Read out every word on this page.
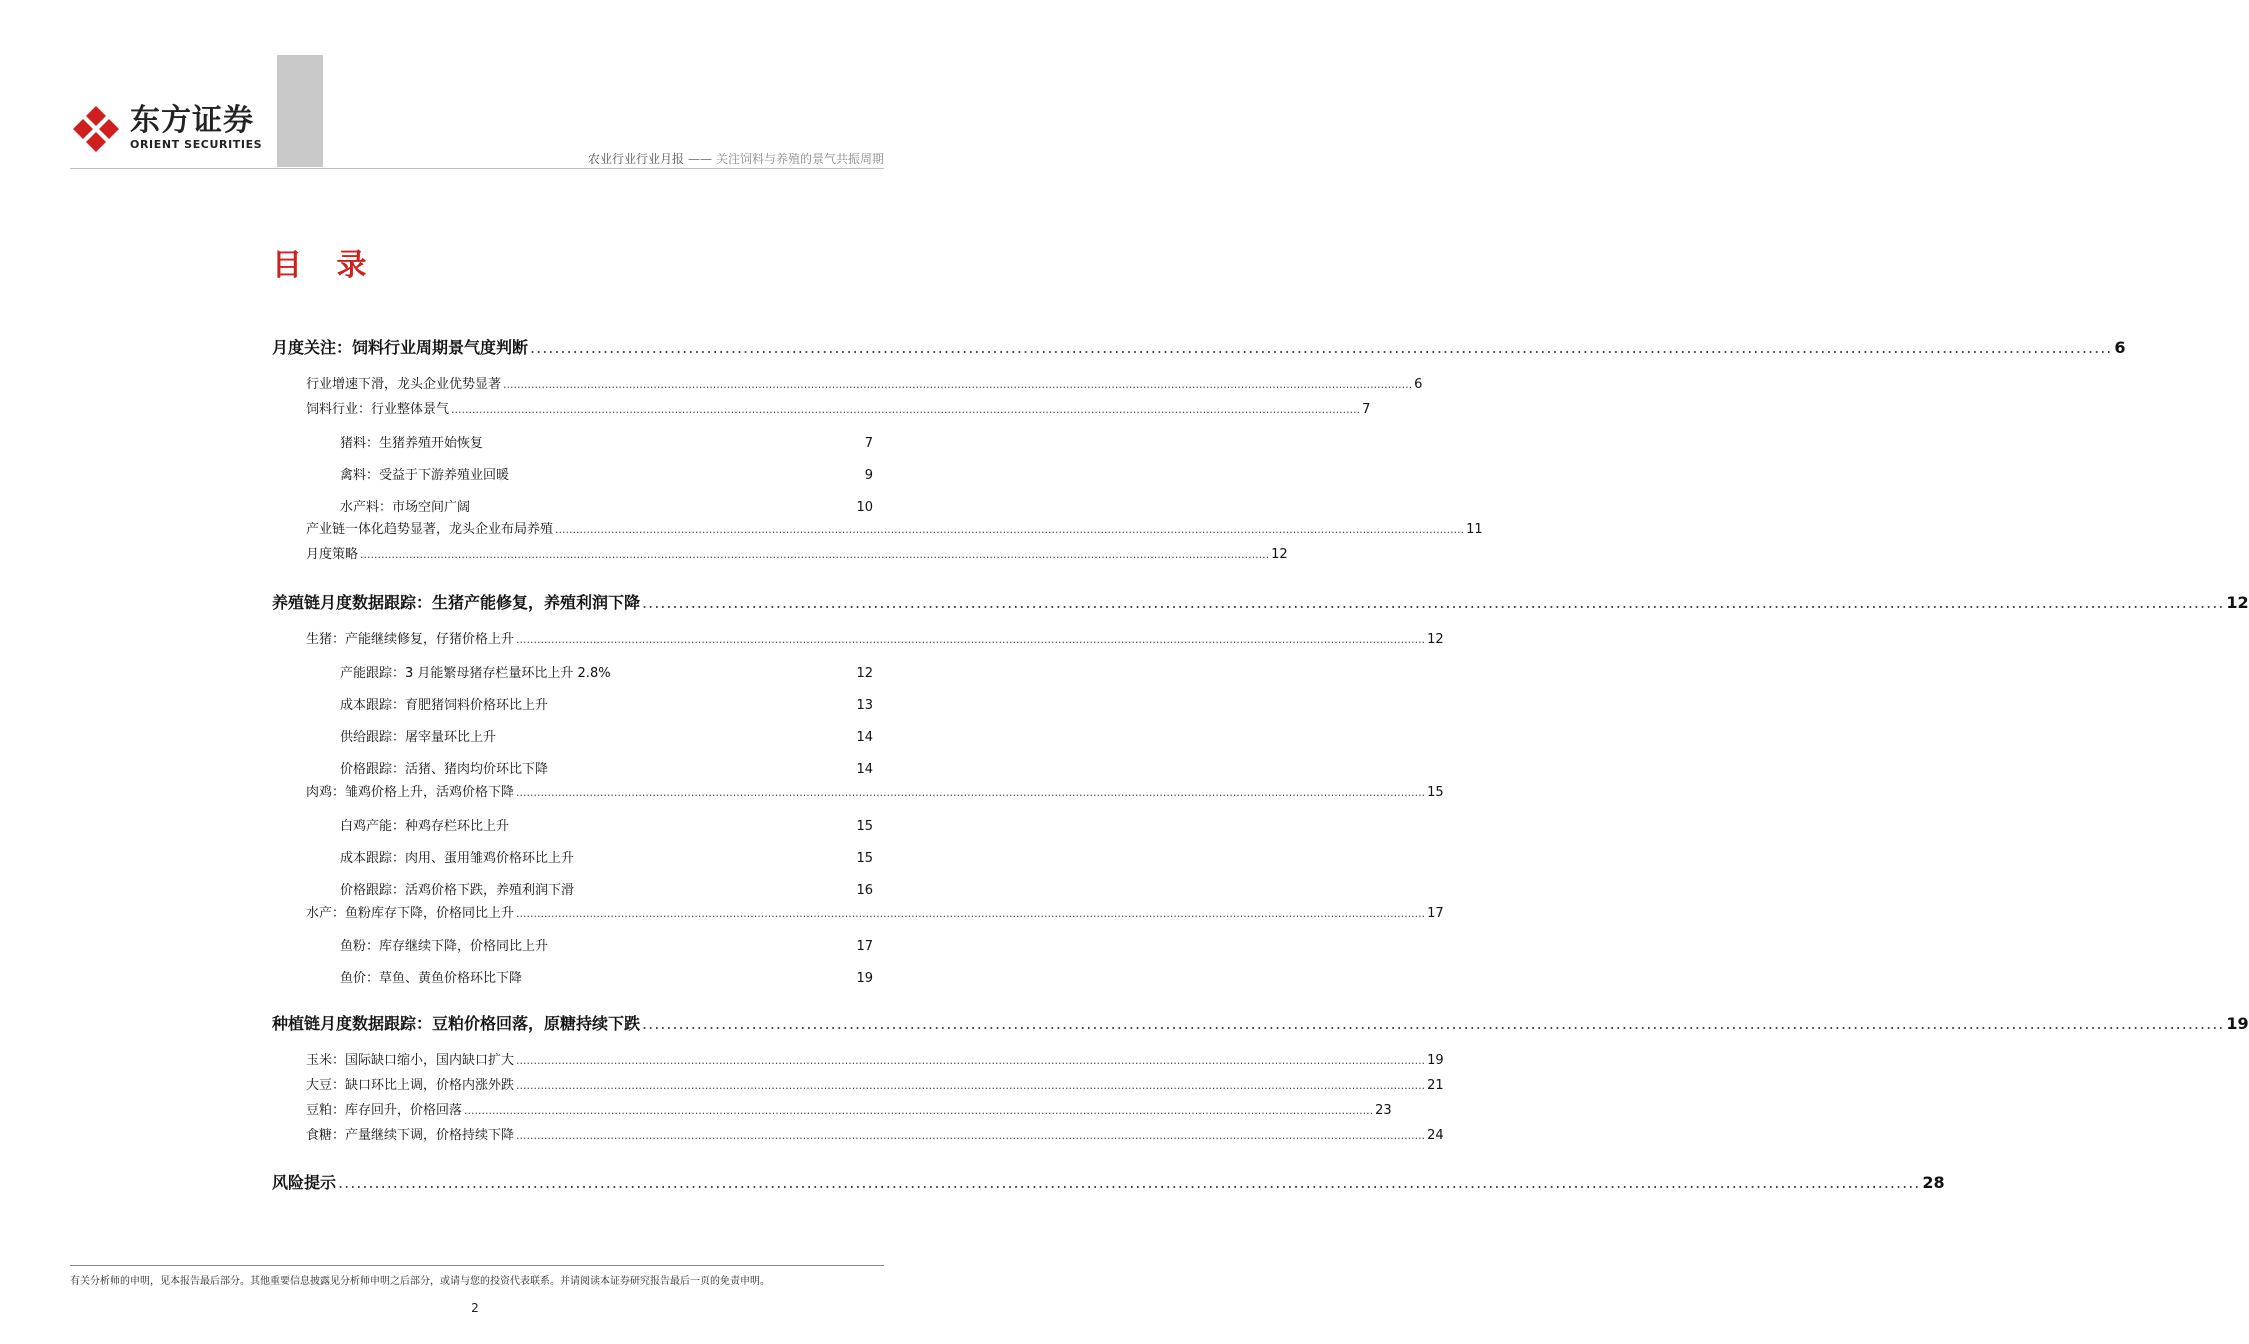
东方证券
ORIENT SECURITIES
农业行业行业月报 —— 关注饲料与养殖的景气共振周期
目 录
月度关注：饲料行业周期景气度判断 .................................................................................................................................................................................................................................................................... 6
行业增速下滑，龙头企业优势显著 .................................................................................................................................................................................................................................................................... 6
饲料行业：行业整体景气 .................................................................................................................................................................................................................................................................... 7
猪料：生猪养殖开始恢复	7
禽料：受益于下游养殖业回暖	9
水产料：市场空间广阔	10
产业链一体化趋势显著，龙头企业布局养殖 .................................................................................................................................................................................................................................................................... 11
月度策略 .................................................................................................................................................................................................................................................................... 12
养殖链月度数据跟踪：生猪产能修复，养殖利润下降 .................................................................................................................................................................................................................................................................... 12
生猪：产能继续修复，仔猪价格上升 .................................................................................................................................................................................................................................................................... 12
产能跟踪：3 月能繁母猪存栏量环比上升 2.8%	12
成本跟踪：育肥猪饲料价格环比上升	13
供给跟踪：屠宰量环比上升	14
价格跟踪：活猪、猪肉均价环比下降	14
肉鸡：雏鸡价格上升，活鸡价格下降 .................................................................................................................................................................................................................................................................... 15
白鸡产能：种鸡存栏环比上升	15
成本跟踪：肉用、蛋用雏鸡价格环比上升	15
价格跟踪：活鸡价格下跌，养殖利润下滑	16
水产：鱼粉库存下降，价格同比上升 .................................................................................................................................................................................................................................................................... 17
鱼粉：库存继续下降，价格同比上升	17
鱼价：草鱼、黄鱼价格环比下降	19
种植链月度数据跟踪：豆粕价格回落，原糖持续下跌 .................................................................................................................................................................................................................................................................... 19
玉米：国际缺口缩小，国内缺口扩大 .................................................................................................................................................................................................................................................................... 19
大豆：缺口环比上调，价格内涨外跌 .................................................................................................................................................................................................................................................................... 21
豆粕：库存回升，价格回落 .................................................................................................................................................................................................................................................................... 23
食糖：产量继续下调，价格持续下降 .................................................................................................................................................................................................................................................................... 24
风险提示 .................................................................................................................................................................................................................................................................... 28
有关分析师的申明，见本报告最后部分。其他重要信息披露见分析师申明之后部分，或请与您的投资代表联系。并请阅读本证券研究报告最后一页的免责申明。
2
